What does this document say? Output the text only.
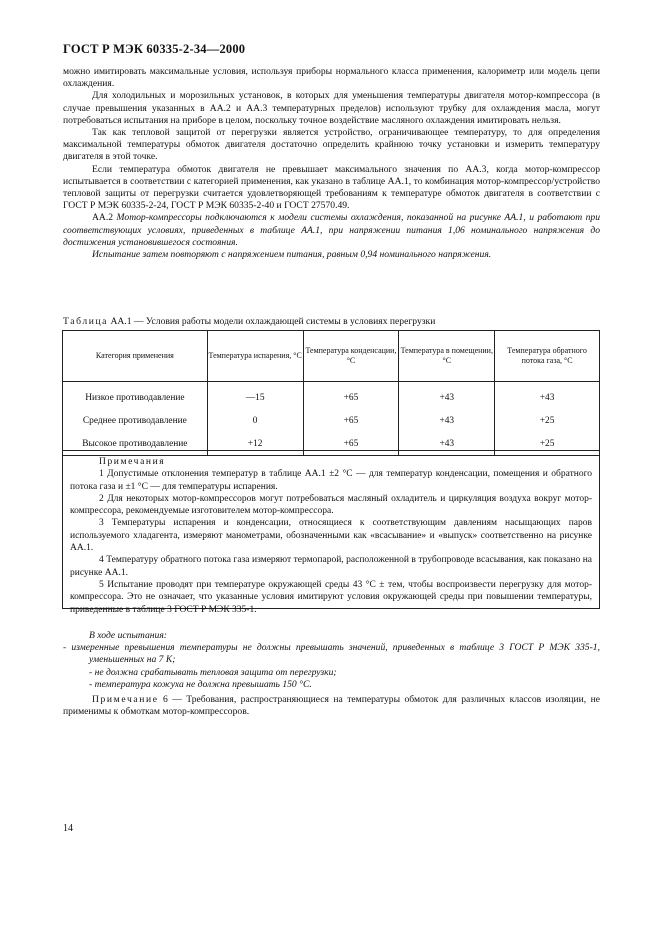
ГОСТ Р МЭК 60335-2-34—2000

можно имитировать максимальные условия, используя приборы нормального класса применения, калориметр или модель цепи охлаждения.

Для холодильных и морозильных установок, в которых для уменьшения температуры двигателя мотор-компрессора (в случае превышения указанных в АА.2 и АА.3 температурных пределов) используют трубку для охлаждения масла, могут потребоваться испытания на приборе в целом, поскольку точное воздействие масляного охлаждения имитировать нельзя.

Так как тепловой защитой от перегрузки является устройство, ограничивающее температуру, то для определения максимальной температуры обмоток двигателя достаточно определить крайнюю точку установки и измерить температуру двигателя в этой точке.

Если температура обмоток двигателя не превышает максимального значения по АА.3, когда мотор-компрессор испытывается в соответствии с категорией применения, как указано в таблице АА.1, то комбинация мотор-компрессор/устройство тепловой защиты от перегрузки считается удовлетворяющей требованиям к температуре обмоток двигателя в соответствии с ГОСТ Р МЭК 60335-2-24, ГОСТ Р МЭК 60335-2-40 и ГОСТ 27570.49.

АА.2 Мотор-компрессоры подключаются к модели системы охлаждения, показанной на рисунке АА.1, и работают при соответствующих условиях, приведенных в таблице АА.1, при напряжении питания 1,06 номинального напряжения до достижения установившегося состояния.

Испытание затем повторяют с напряжением питания, равным 0,94 номинального напряжения.

Таблица АА.1 — Условия работы модели охлаждающей системы в условиях перегрузки
Категория применения	Температура испарения, °С	Температура конденсации, °С	Температура в помещении, °С	Температура обратного потока газа, °С
Низкое противодавление	—15	+65	+43	+43
Среднее противодавление	0	+65	+43	+25
Высокое противодавление	+12	+65	+43	+25

Примечания

1 Допустимые отклонения температур в таблице АА.1 ±2 °С — для температур конденсации, помещения и обратного потока газа и ±1 °С — для температуры испарения.

2 Для некоторых мотор-компрессоров могут потребоваться масляный охладитель и циркуляция воздуха вокруг мотор-компрессора, рекомендуемые изготовителем мотор-компрессора.

3 Температуры испарения и конденсации, относящиеся к соответствующим давлениям насыщающих паров используемого хладагента, измеряют манометрами, обозначенными как «всасывание» и «выпуск» соответственно на рисунке АА.1.

4 Температуру обратного потока газа измеряют термопарой, расположенной в трубопроводе всасывания, как показано на рисунке АА.1.

5 Испытание проводят при температуре окружающей среды 43 °С ± тем, чтобы воспроизвести перегрузку для мотор-компрессора. Это не означает, что указанные условия имитируют условия окружающей среды при повышении температуры, приведенные в таблице 3 ГОСТ Р МЭК 335-1.

В ходе испытания:

- измеренные превышения температуры не должны превышать значений, приведенных в таблице 3 ГОСТ Р МЭК 335-1, уменьшенных на 7 К;

- не должна срабатывать тепловая защита от перегрузки;

- температура кожуха не должна превышать 150 °С.

Примечание 6 — Требования, распространяющиеся на температуры обмоток для различных классов изоляции, не применимы к обмоткам мотор-компрессоров.

14
